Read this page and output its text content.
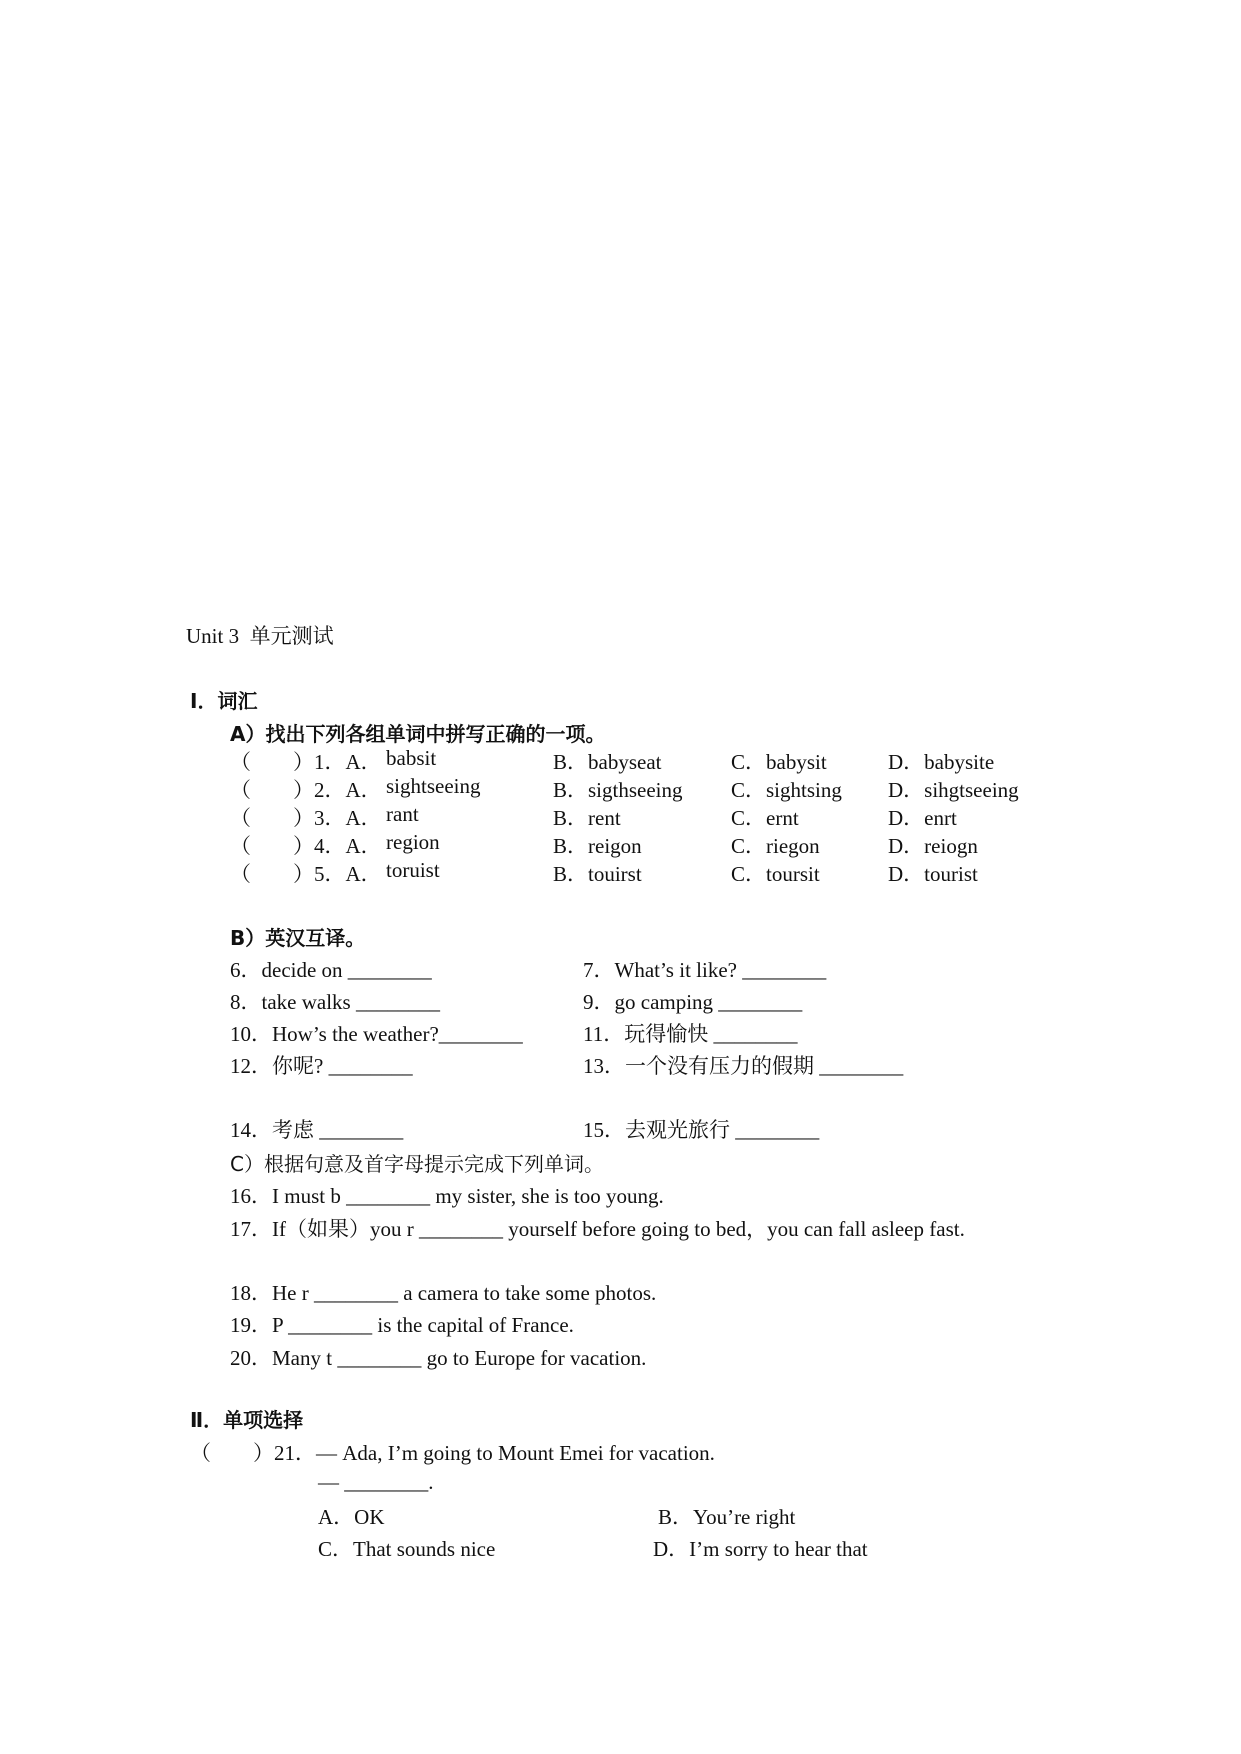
Unit 3  单元测试
Ⅰ．词汇
A）找出下列各组单词中拼写正确的一项。
（　　）1．A． babsit	B．babyseat	C．babysit	D．babysite
（　　）2．A． sightseeing	B．sigthseeing C．sightsing D．sihgtseeing
（　　）3．A． rant	B．rent	C．ernt	D．enrt
（　　）4．A． region	B．reigon	C．riegon	D．reiogn
（　　）5．A． toruist	B．touirst	C．toursit	D．tourist
B）英汉互译。
6．decide on ________	7．What’s it like? ________
8．take walks ________	9．go camping ________
10．How’s the weather?________	11．玩得愉快 ________
12．你呢? ________	13．一个没有压力的假期 ________
14．考虑 ________	15．去观光旅行 ________
C）根据句意及首字母提示完成下列单词。
16．I must b ________ my sister, she is too young.
17．If（如果）you r ________ yourself before going to bed，you can fall asleep fast.
18．He r ________ a camera to take some photos.
19．P ________ is the capital of France.
20．Many t ________ go to Europe for vacation.
Ⅱ．单项选择
（　　）21．— Ada, I’m going to Mount Emei for vacation.
— ________.
A．OK	B．You’re right
C．That sounds nice	D．I’m sorry to hear that
